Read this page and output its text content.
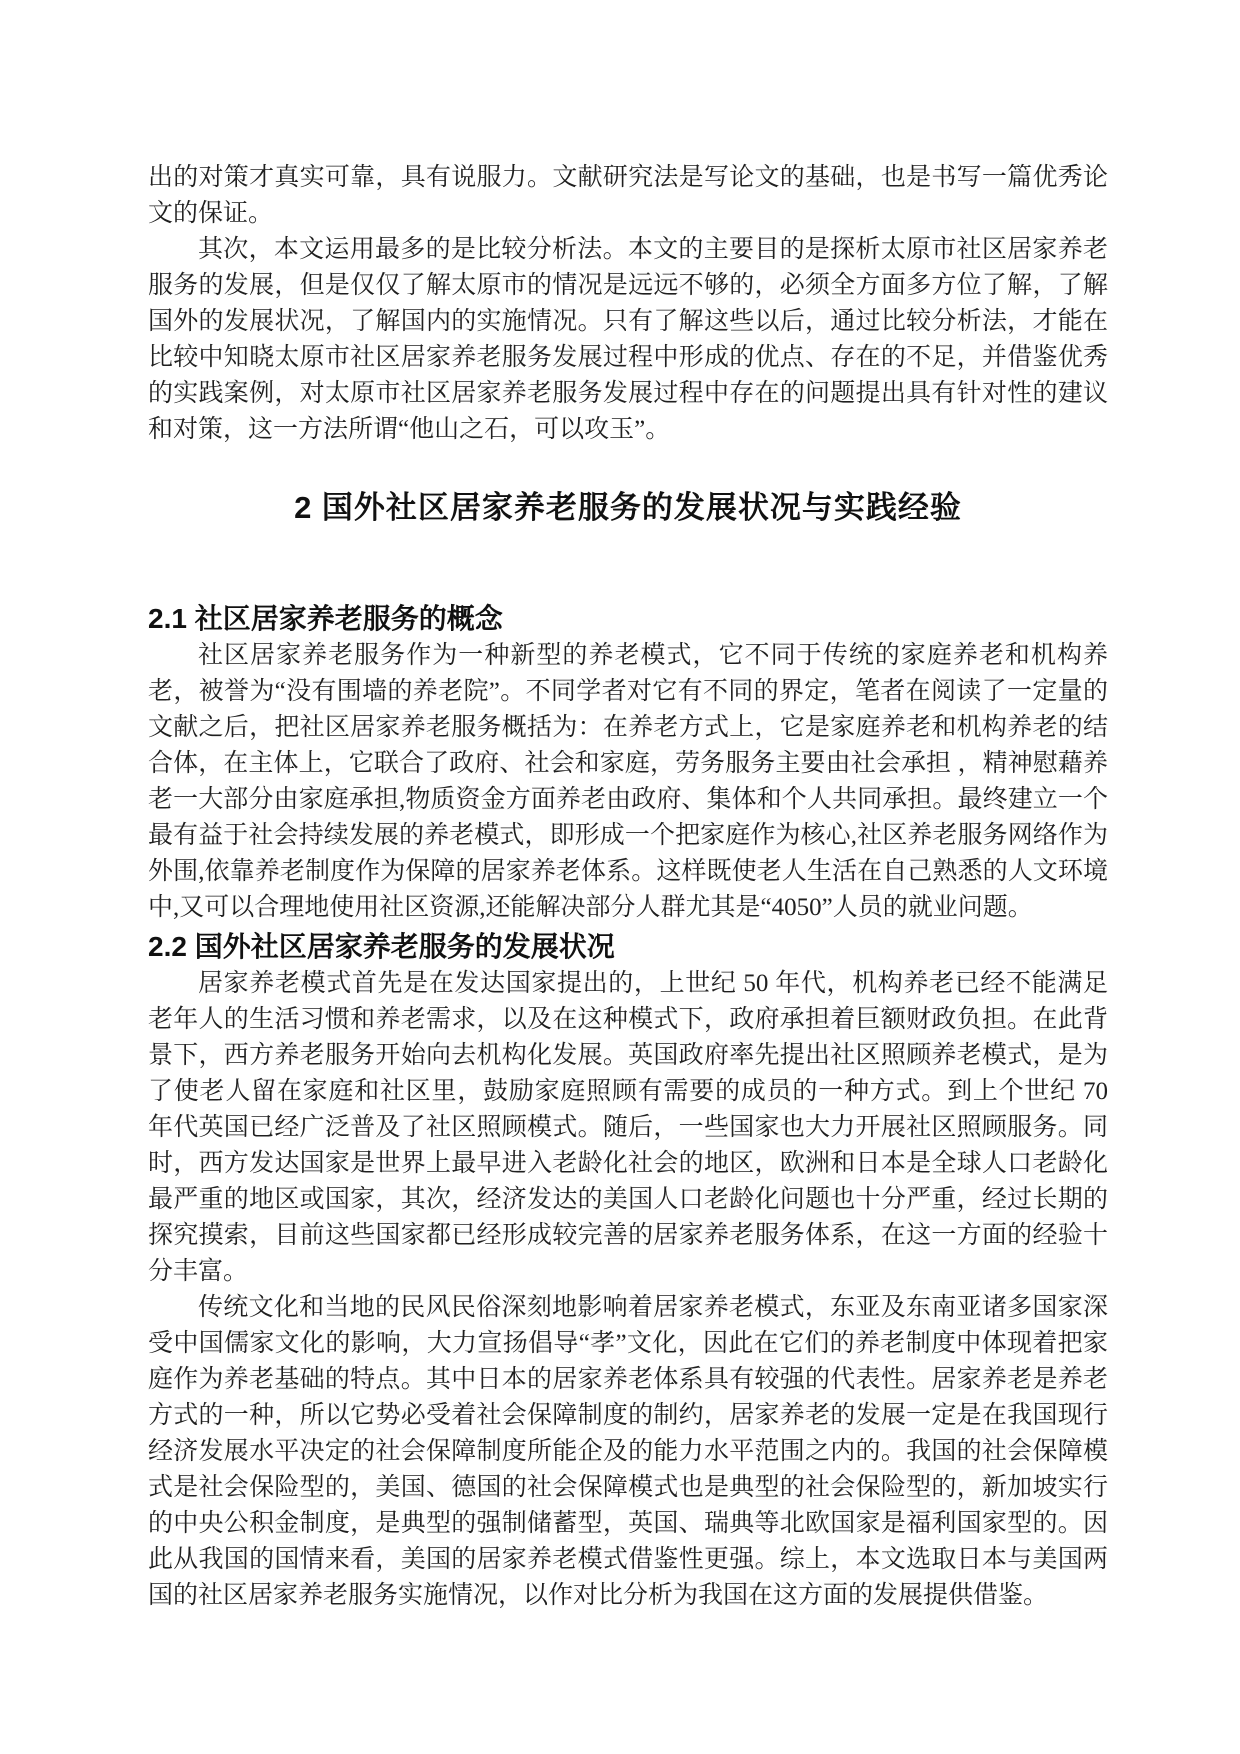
出的对策才真实可靠，具有说服力。文献研究法是写论文的基础，也是书写一篇优秀论文的保证。

其次，本文运用最多的是比较分析法。本文的主要目的是探析太原市社区居家养老服务的发展，但是仅仅了解太原市的情况是远远不够的，必须全方面多方位了解，了解国外的发展状况，了解国内的实施情况。只有了解这些以后，通过比较分析法，才能在比较中知晓太原市社区居家养老服务发展过程中形成的优点、存在的不足，并借鉴优秀的实践案例，对太原市社区居家养老服务发展过程中存在的问题提出具有针对性的建议和对策，这一方法所谓“他山之石，可以攻玉”。

2 国外社区居家养老服务的发展状况与实践经验
2.1 社区居家养老服务的概念

社区居家养老服务作为一种新型的养老模式，它不同于传统的家庭养老和机构养老，被誉为“没有围墙的养老院”。不同学者对它有不同的界定，笔者在阅读了一定量的文献之后，把社区居家养老服务概括为：在养老方式上，它是家庭养老和机构养老的结合体，在主体上，它联合了政府、社会和家庭，劳务服务主要由社会承担 ，精神慰藉养老一大部分由家庭承担,物质资金方面养老由政府、集体和个人共同承担。最终建立一个最有益于社会持续发展的养老模式，即形成一个把家庭作为核心,社区养老服务网络作为外围,依靠养老制度作为保障的居家养老体系。这样既使老人生活在自己熟悉的人文环境中,又可以合理地使用社区资源,还能解决部分人群尤其是“4050”人员的就业问题。

2.2 国外社区居家养老服务的发展状况

居家养老模式首先是在发达国家提出的，上世纪 50 年代，机构养老已经不能满足老年人的生活习惯和养老需求，以及在这种模式下，政府承担着巨额财政负担。在此背景下，西方养老服务开始向去机构化发展。英国政府率先提出社区照顾养老模式，是为了使老人留在家庭和社区里，鼓励家庭照顾有需要的成员的一种方式。到上个世纪 70 年代英国已经广泛普及了社区照顾模式。随后，一些国家也大力开展社区照顾服务。同时，西方发达国家是世界上最早进入老龄化社会的地区，欧洲和日本是全球人口老龄化最严重的地区或国家，其次，经济发达的美国人口老龄化问题也十分严重，经过长期的探究摸索，目前这些国家都已经形成较完善的居家养老服务体系，在这一方面的经验十分丰富。

传统文化和当地的民风民俗深刻地影响着居家养老模式，东亚及东南亚诸多国家深受中国儒家文化的影响，大力宣扬倡导“孝”文化，因此在它们的养老制度中体现着把家庭作为养老基础的特点。其中日本的居家养老体系具有较强的代表性。居家养老是养老方式的一种，所以它势必受着社会保障制度的制约，居家养老的发展一定是在我国现行经济发展水平决定的社会保障制度所能企及的能力水平范围之内的。我国的社会保障模式是社会保险型的，美国、德国的社会保障模式也是典型的社会保险型的，新加坡实行的中央公积金制度，是典型的强制储蓄型，英国、瑞典等北欧国家是福利国家型的。因此从我国的国情来看，美国的居家养老模式借鉴性更强。综上，本文选取日本与美国两国的社区居家养老服务实施情况，以作对比分析为我国在这方面的发展提供借鉴。
